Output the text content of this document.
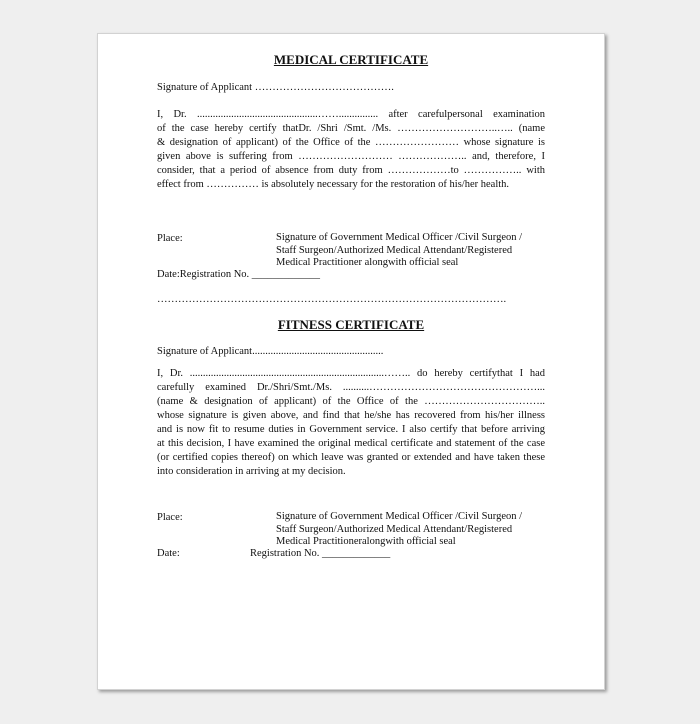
MEDICAL CERTIFICATE
Signature of Applicant ………………………………….
I, Dr. ..............................................……............... after carefulpersonal examination
of the case hereby certify thatDr. /Shri /Smt. /Ms. ………………………..….. (name
& designation of applicant) of the Office of the …………………… whose signature is
given above is suffering from ……………………… ……………….. and, therefore, I
consider, that a period of absence from duty from ………………to …………….. with
effect from …………… is absolutely necessary for the restoration of his/her health.
Place:	Signature of Government Medical Officer /Civil Surgeon /
Staff Surgeon/Authorized Medical Attendant/Registered
Medical Practitioner alongwith official seal
Date:Registration No. _____________
……………………………………………………………………………………….
FITNESS CERTIFICATE
Signature of Applicant..................................................
I, Dr. ..........................................................................…….. do hereby certifythat I had
carefully examined Dr./Shri/Smt./Ms. ..........…………………………………………...
(name & designation of applicant) of the Office of the ……………………………..
whose signature is given above, and find that he/she has recovered from his/her illness
and is now fit to resume duties in Government service. I also certify that before arriving
at this decision, I have examined the original medical certificate and statement of the case
(or certified copies thereof) on which leave was granted or extended and have taken these
into consideration in arriving at my decision.
Place:	Signature of Government Medical Officer /Civil Surgeon /
Staff Surgeon/Authorized Medical Attendant/Registered
Medical Practitioneralongwith official seal
Date:	Registration No. _____________
